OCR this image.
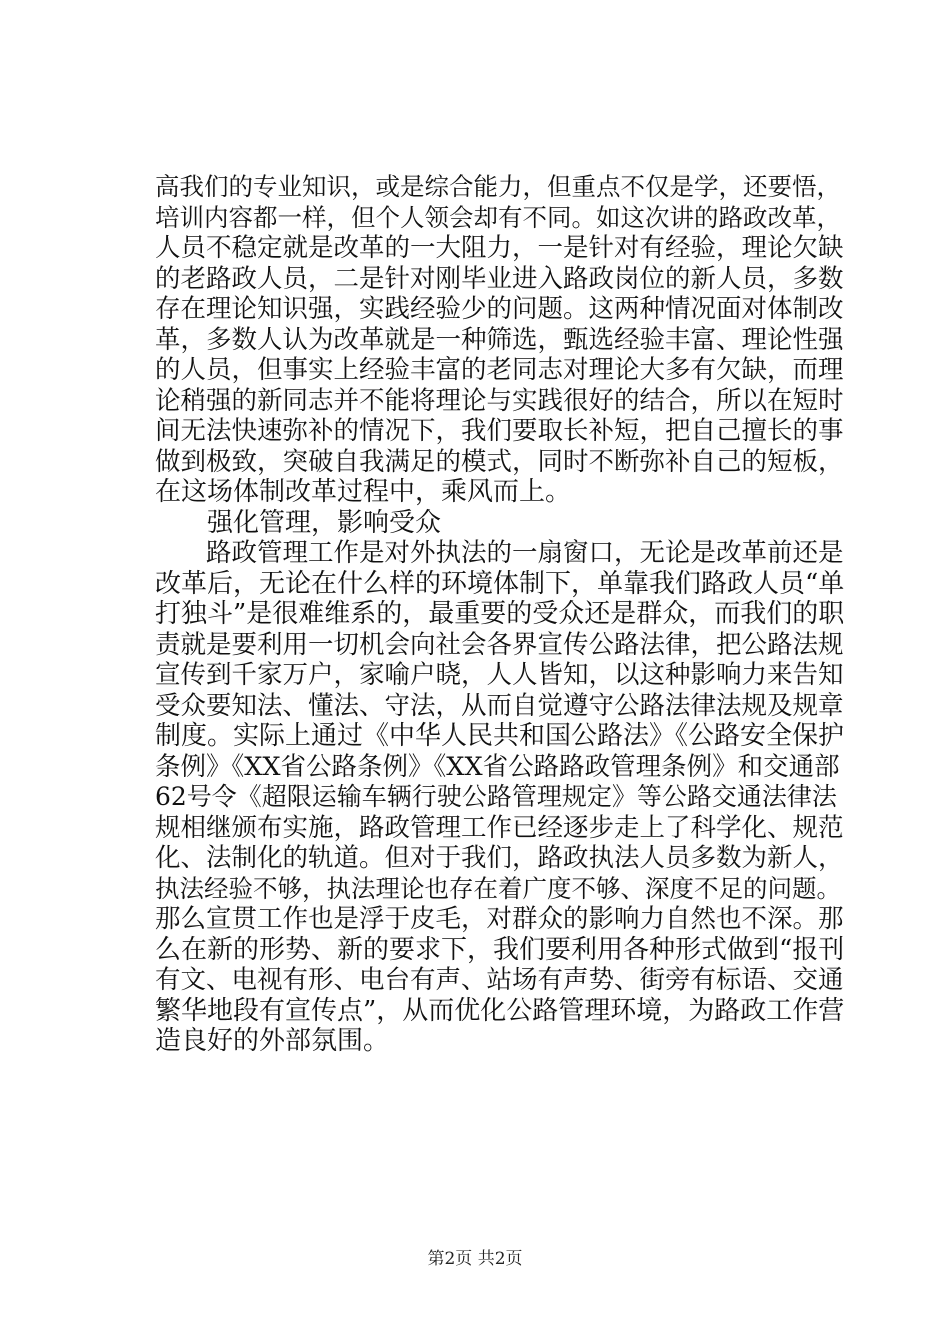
高我们的专业知识，或是综合能力，但重点不仅是学，还要悟，
培训内容都一样，但个人领会却有不同。如这次讲的路政改革，
人员不稳定就是改革的一大阻力，一是针对有经验，理论欠缺
的老路政人员，二是针对刚毕业进入路政岗位的新人员，多数
存在理论知识强，实践经验少的问题。这两种情况面对体制改
革，多数人认为改革就是一种筛选，甄选经验丰富、理论性强
的人员，但事实上经验丰富的老同志对理论大多有欠缺，而理
论稍强的新同志并不能将理论与实践很好的结合，所以在短时
间无法快速弥补的情况下，我们要取长补短，把自己擅长的事
做到极致，突破自我满足的模式，同时不断弥补自己的短板，
在这场体制改革过程中，乘风而上。
　　强化管理，影响受众
　　路政管理工作是对外执法的一扇窗口，无论是改革前还是
改革后，无论在什么样的环境体制下，单靠我们路政人员“单
打独斗”是很难维系的，最重要的受众还是群众，而我们的职
责就是要利用一切机会向社会各界宣传公路法律，把公路法规
宣传到千家万户，家喻户晓，人人皆知，以这种影响力来告知
受众要知法、懂法、守法，从而自觉遵守公路法律法规及规章
制度。实际上通过《中华人民共和国公路法》《公路安全保护
条例》《XX省公路条例》《XX省公路路政管理条例》和交通部
62号令《超限运输车辆行驶公路管理规定》等公路交通法律法
规相继颁布实施，路政管理工作已经逐步走上了科学化、规范
化、法制化的轨道。但对于我们，路政执法人员多数为新人，
执法经验不够，执法理论也存在着广度不够、深度不足的问题。
那么宣贯工作也是浮于皮毛，对群众的影响力自然也不深。那
么在新的形势、新的要求下，我们要利用各种形式做到“报刊
有文、电视有形、电台有声、站场有声势、街旁有标语、交通
繁华地段有宣传点”，从而优化公路管理环境，为路政工作营
造良好的外部氛围。
第2页 共2页
